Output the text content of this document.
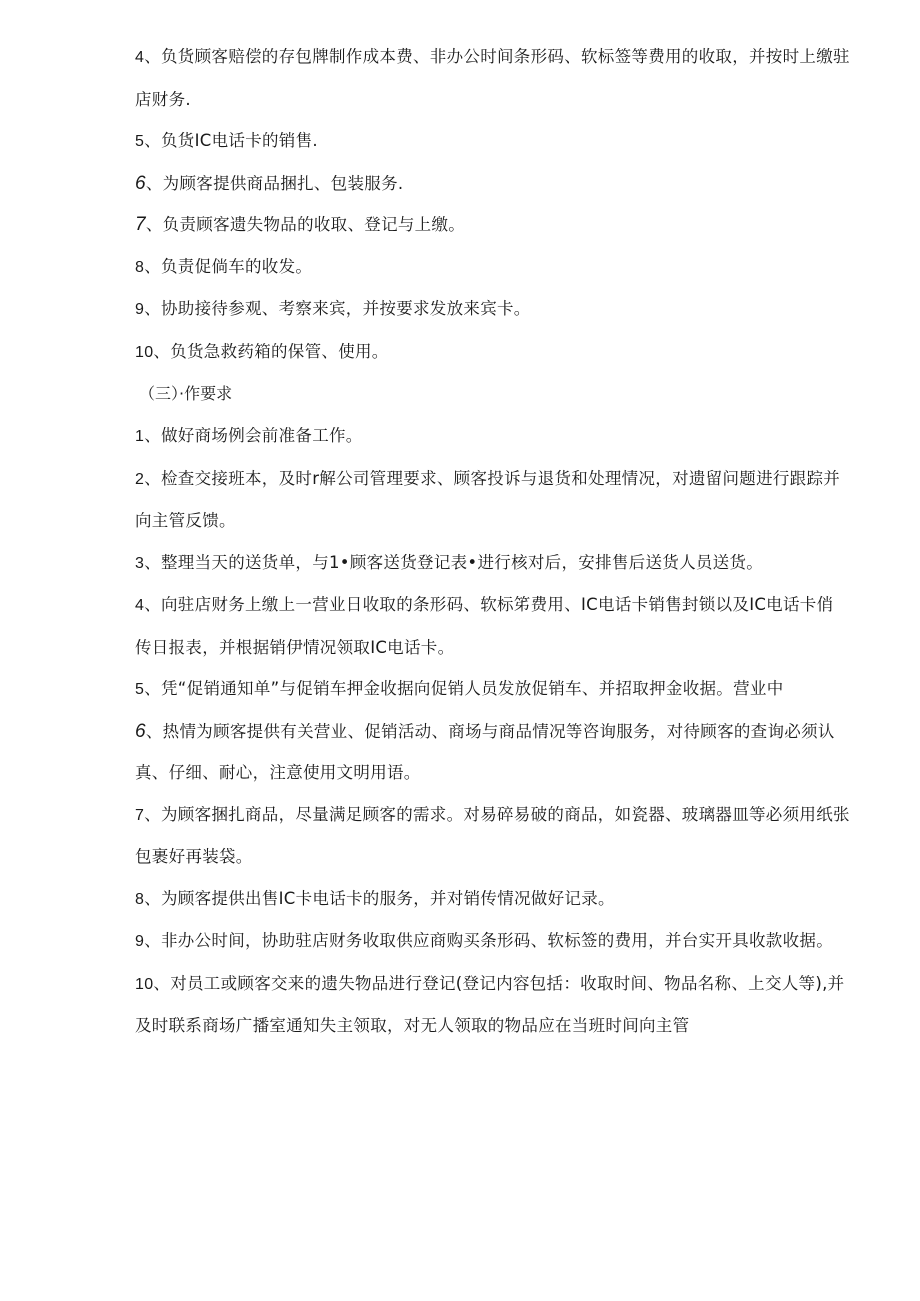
4、负货顾客赔偿的存包牌制作成本费、非办公时间条形码、软标签等费用的收取，并按时上缴驻店财务.
5、负货IC电话卡的销售.
6、为顾客提供商品捆扎、包装服务.
7、负责顾客遗失物品的收取、登记与上缴。
8、负责促倘车的收发。
9、协助接待参观、考察来宾，并按要求发放来宾卡。
10、负货急救药箱的保管、使用。
（三）·作要求
1、做好商场例会前准备工作。
2、检查交接班本，及时r解公司管理要求、顾客投诉与退货和处理情况，对遗留问题进行跟踪并向主管反馈。
3、整理当天的送货单，与1•顾客送货登记表•进行核对后，安排售后送货人员送货。
4、向驻店财务上缴上一营业日收取的条形码、软标笫费用、IC电话卡销售封锁以及IC电话卡俏传日报表，并根据销伊情况领取IC电话卡。
5、凭“促销通知单”与促销车押金收据向促销人员发放促销车、并招取押金收据。营业中
6、热情为顾客提供有关营业、促销活动、商场与商品情况等咨询服务，对待顾客的查询必须认真、仔细、耐心，注意使用文明用语。
7、为顾客捆扎商品，尽量满足顾客的需求。对易碎易破的商品，如瓷器、玻璃器皿等必须用纸张包裹好再装袋。
8、为顾客提供出售IC卡电话卡的服务，并对销传情况做好记录。
9、非办公时间，协助驻店财务收取供应商购买条形码、软标签的费用，并台实开具收款收据。
10、对员工或顾客交来的遗失物品进行登记(登记内容包括：收取时间、物品名称、上交人等),并及时联系商场广播室通知失主领取，对无人领取的物品应在当班时间向主管
